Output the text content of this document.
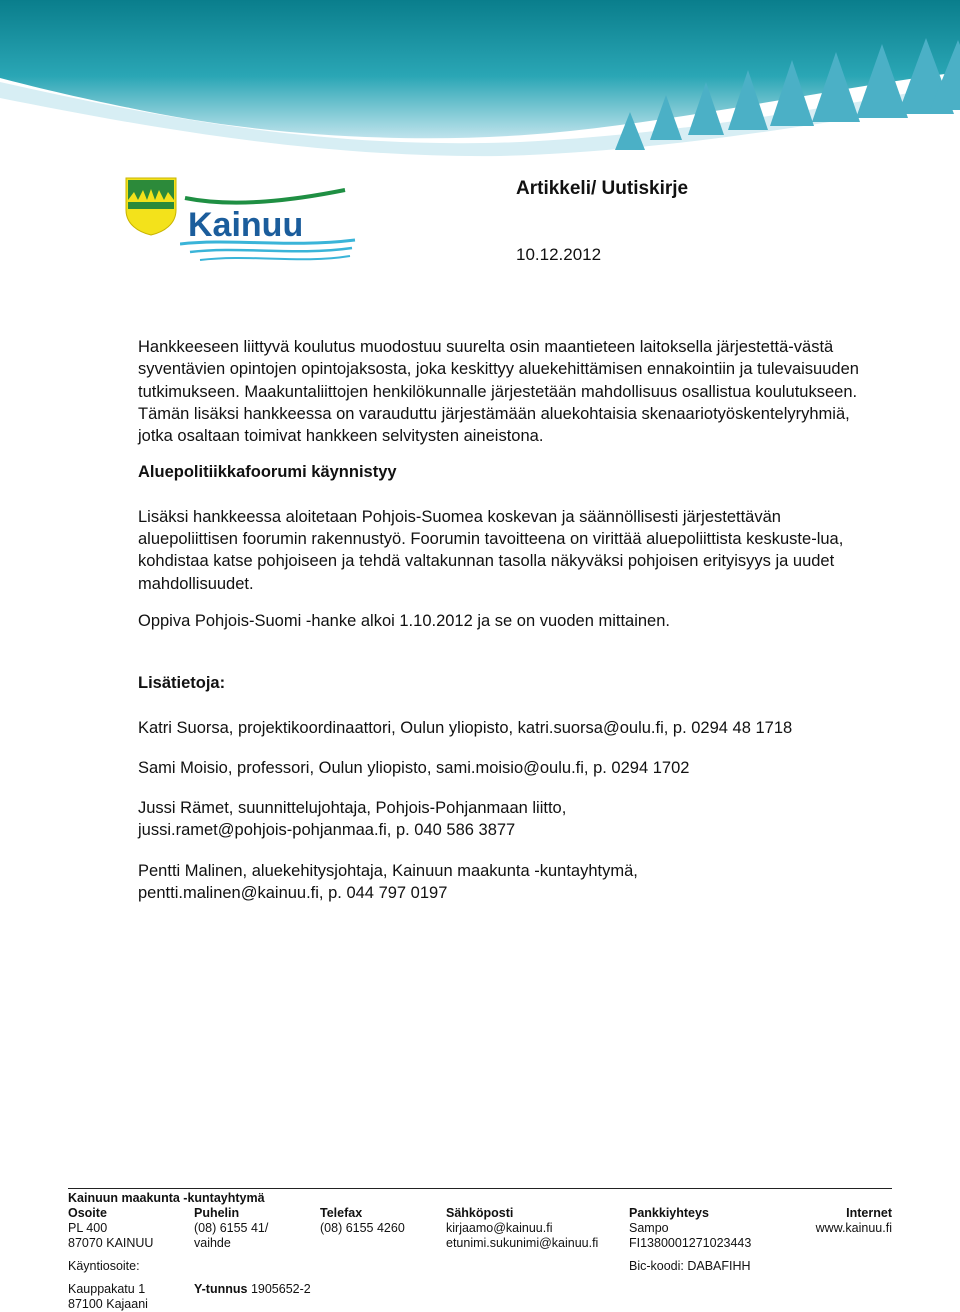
Kainuu
Artikkeli/ Uutiskirje
10.12.2012

Hankkeeseen liittyvä koulutus muodostuu suurelta osin maantieteen laitoksella järjestettä-västä syventävien opintojen opintojaksosta, joka keskittyy aluekehittämisen ennakointiin ja tulevaisuuden tutkimukseen. Maakuntaliittojen henkilökunnalle järjestetään mahdollisuus osallistua koulutukseen. Tämän lisäksi hankkeessa on varauduttu järjestämään aluekohtaisia skenaariotyöskentelyryhmiä, jotka osaltaan toimivat hankkeen selvitysten aineistona.

Aluepolitiikkafoorumi käynnistyy

Lisäksi hankkeessa aloitetaan Pohjois-Suomea koskevan ja säännöllisesti järjestettävän aluepoliittisen foorumin rakennustyö. Foorumin tavoitteena on virittää aluepoliittista keskuste-lua, kohdistaa katse pohjoiseen ja tehdä valtakunnan tasolla näkyväksi pohjoisen erityisyys ja uudet mahdollisuudet.

Oppiva Pohjois-Suomi -hanke alkoi 1.10.2012 ja se on vuoden mittainen.

Lisätietoja:

Katri Suorsa, projektikoordinaattori, Oulun yliopisto, katri.suorsa@oulu.fi, p. 0294 48 1718
Sami Moisio, professori, Oulun yliopisto, sami.moisio@oulu.fi, p. 0294 1702
Jussi Rämet, suunnittelujohtaja, Pohjois-Pohjanmaan liitto,
jussi.ramet@pohjois-pohjanmaa.fi, p. 040 586 3877
Pentti Malinen, aluekehitysjohtaja, Kainuun maakunta -kuntayhtymä,
pentti.malinen@kainuu.fi, p. 044 797 0197
Kainuun maakunta -kuntayhtymä
Osoite	Puhelin	Telefax	Sähköposti	Pankkiyhteys	Internet
PL 400	(08) 6155 41/	(08) 6155 4260	kirjaamo@kainuu.fi	Sampo	www.kainuu.fi
87070 KAINUU	vaihde		etunimi.sukunimi@kainuu.fi	FI1380001271023443	

Käyntiosoite:				Bic-koodi: DABAFIHH	

Kauppakatu 1	Y-tunnus 1905652-2				
87100 Kajaani					
